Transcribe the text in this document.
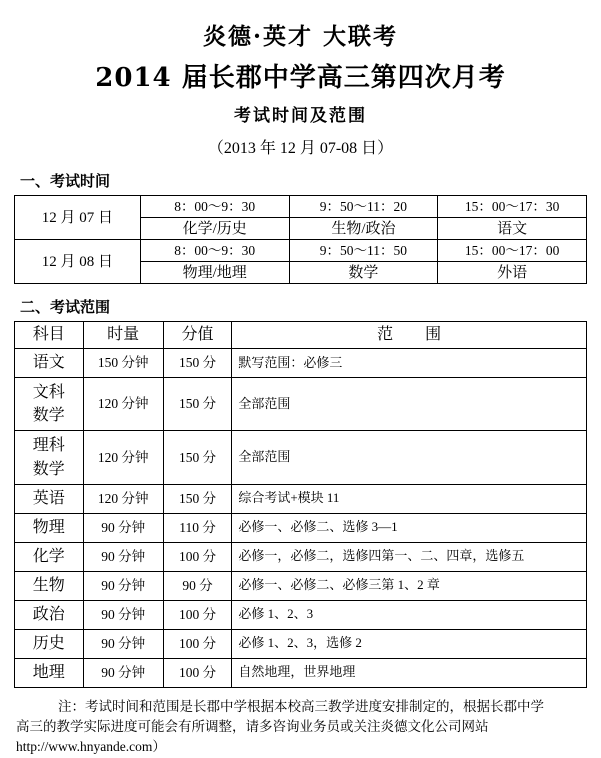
炎德·英才 大联考
2014 届长郡中学高三第四次月考
考试时间及范围
（2013 年 12 月 07-08 日）
一、考试时间
12 月 07 日	8：00～9：30	9：50～11：20	15：00～17：30
	化学/历史	生物/政治	语文
12 月 08 日	8：00～9：30	9：50～11：50	15：00～17：00
	物理/地理	数学	外语
二、考试范围
科目	时量	分值	范　　围
语文	150 分钟	150 分	默写范围：必修三

文科
数学	120 分钟	150 分	全部范围

理科
数学	120 分钟	150 分	全部范围
英语	120 分钟	150 分	综合考试+模块 11
物理	90 分钟	110 分	必修一、必修二、选修 3—1
化学	90 分钟	100 分	必修一，必修二，选修四第一、二、四章，选修五
生物	90 分钟	90 分	必修一、必修二、必修三第 1、2 章
政治	90 分钟	100 分	必修 1、2、3
历史	90 分钟	100 分	必修 1、2、3，选修 2
地理	90 分钟	100 分	自然地理，世界地理
注：考试时间和范围是长郡中学根据本校高三教学进度安排制定的，根据长郡中学
高三的教学实际进度可能会有所调整，请多咨询业务员或关注炎德文化公司网站
http://www.hnyande.com）
